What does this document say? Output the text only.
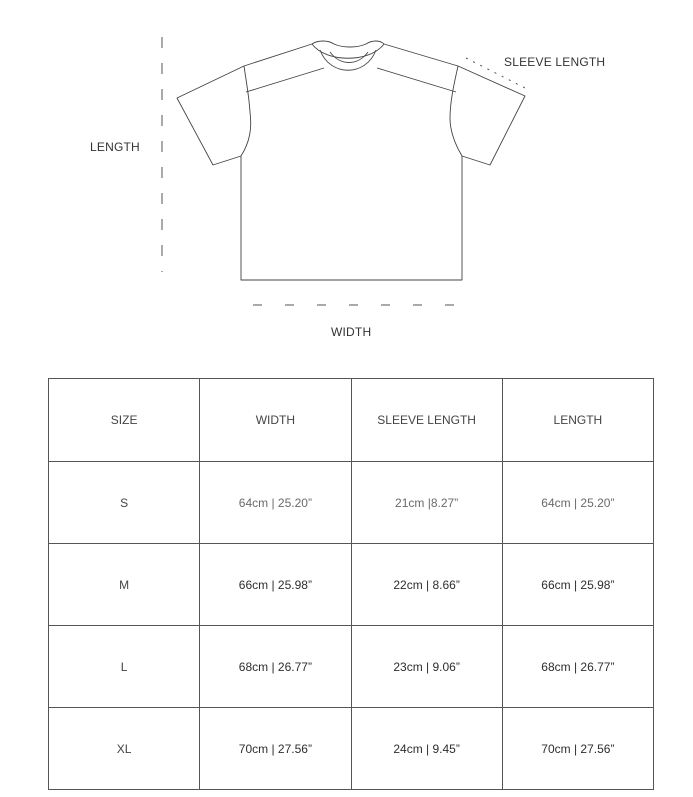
SLEEVE LENGTH
LENGTH
WIDTH
SIZE	WIDTH	SLEEVE LENGTH	LENGTH
S	64cm | 25.20”	21cm |8.27”	64cm | 25.20”
M	66cm | 25.98”	22cm | 8.66”	66cm | 25.98”
L	68cm | 26.77”	23cm | 9.06”	68cm | 26.77”
XL	70cm | 27.56”	24cm | 9.45”	70cm | 27.56”
